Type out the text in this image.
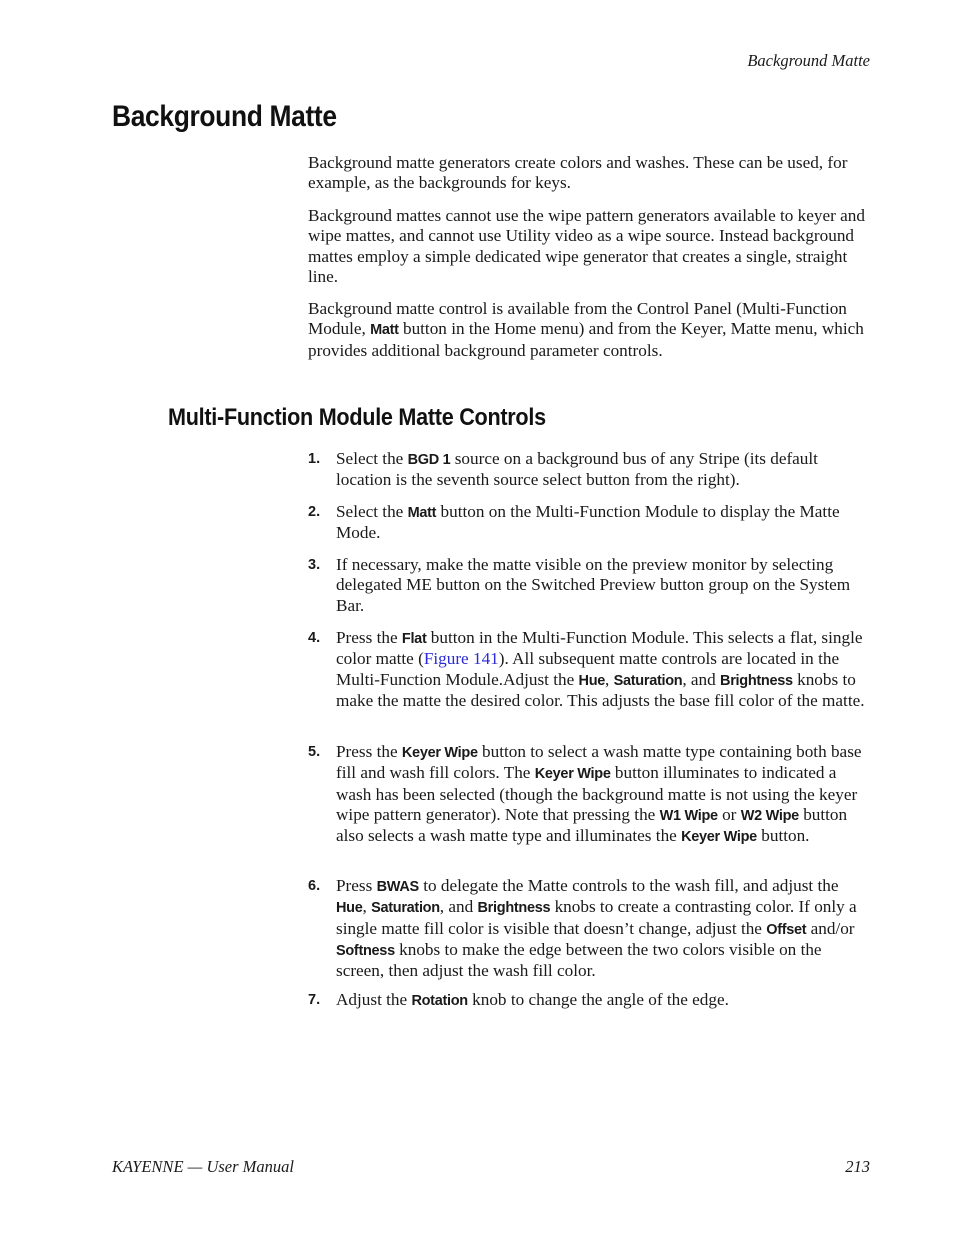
Background Matte
Background Matte

Background matte generators create colors and washes. These can be used, for example, as the backgrounds for keys.

Background mattes cannot use the wipe pattern generators available to keyer and wipe mattes, and cannot use Utility video as a wipe source. Instead background mattes employ a simple dedicated wipe generator that creates a single, straight line.

Background matte control is available from the Control Panel (Multi-Function Module, Matt button in the Home menu) and from the Keyer, Matte menu, which provides additional background parameter controls.

Multi-Function Module Matte Controls

1. Select the BGD 1 source on a background bus of any Stripe (its default location is the seventh source select button from the right).

2. Select the Matt button on the Multi-Function Module to display the Matte Mode.

3. If necessary, make the matte visible on the preview monitor by selecting delegated ME button on the Switched Preview button group on the System Bar.

4. Press the Flat button in the Multi-Function Module. This selects a flat, single color matte (Figure 141). All subsequent matte controls are located in the Multi-Function Module.Adjust the Hue, Saturation, and Brightness knobs to make the matte the desired color. This adjusts the base fill color of the matte.

5. Press the Keyer Wipe button to select a wash matte type containing both base fill and wash fill colors. The Keyer Wipe button illuminates to indicated a wash has been selected (though the background matte is not using the keyer wipe pattern generator). Note that pressing the W1 Wipe or W2 Wipe button also selects a wash matte type and illuminates the Keyer Wipe button.

6. Press BWAS to delegate the Matte controls to the wash fill, and adjust the Hue, Saturation, and Brightness knobs to create a contrasting color. If only a single matte fill color is visible that doesn’t change, adjust the Offset and/or Softness knobs to make the edge between the two colors visible on the screen, then adjust the wash fill color.

7. Adjust the Rotation knob to change the angle of the edge.

KAYENNE — User Manual	213
